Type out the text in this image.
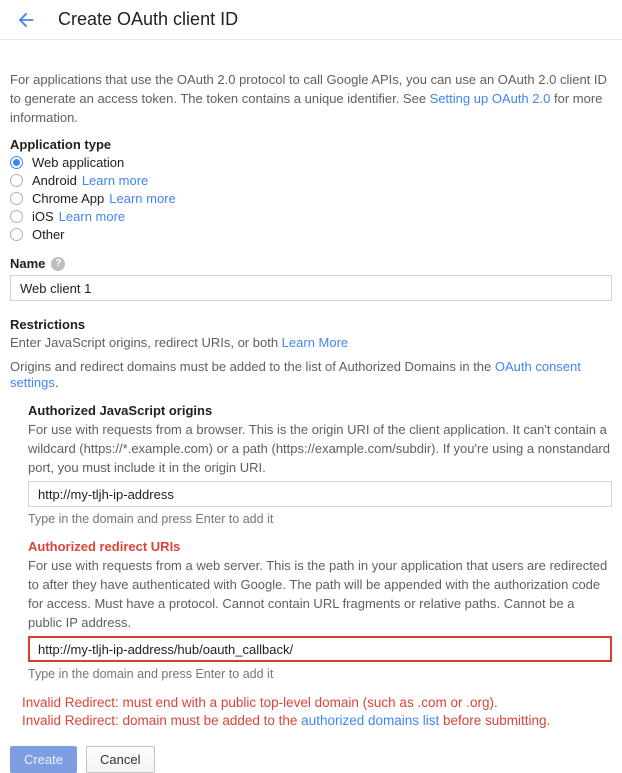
Create OAuth client ID

For applications that use the OAuth 2.0 protocol to call Google APIs, you can use an OAuth 2.0 client ID to generate an access token. The token contains a unique identifier. See Setting up OAuth 2.0 for more information.

Application type
Web application
Android Learn more
Chrome App Learn more
iOS Learn more
Other
Name ?
Web client 1
Restrictions
Enter JavaScript origins, redirect URIs, or both Learn More
Origins and redirect domains must be added to the list of Authorized Domains in the OAuth consent settings.
Authorized JavaScript origins
For use with requests from a browser. This is the origin URI of the client application. It can't contain a wildcard (https://*.example.com) or a path (https://example.com/subdir). If you're using a nonstandard port, you must include it in the origin URI.
http://my-tljh-ip-address
Type in the domain and press Enter to add it
Authorized redirect URIs
For use with requests from a web server. This is the path in your application that users are redirected to after they have authenticated with Google. The path will be appended with the authorization code for access. Must have a protocol. Cannot contain URL fragments or relative paths. Cannot be a public IP address.
http://my-tljh-ip-address/hub/oauth_callback/
Type in the domain and press Enter to add it
Invalid Redirect: must end with a public top-level domain (such as .com or .org).
Invalid Redirect: domain must be added to the authorized domains list before submitting.
Create	Cancel
